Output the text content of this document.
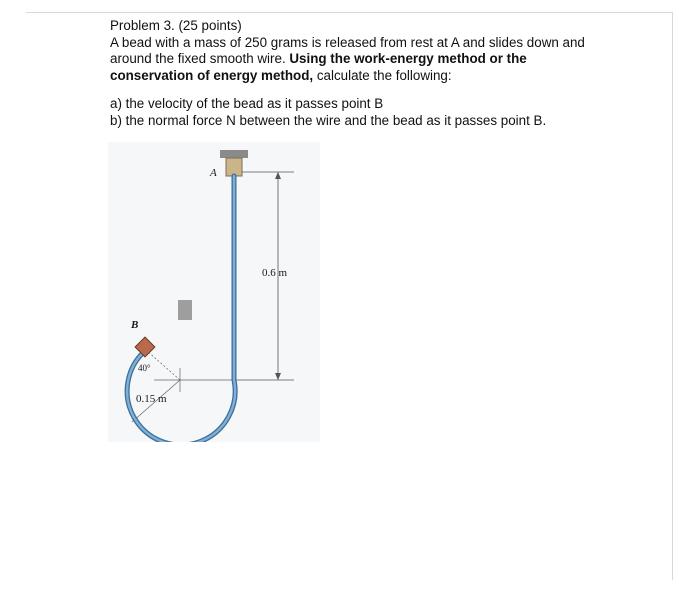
Problem 3. (25 points)

A bead with a mass of 250 grams is released from rest at A and slides down and around the fixed smooth wire. Using the work-energy method or the
conservation of energy method, calculate the following:

a) the velocity of the bead as it passes point B

b) the normal force N between the wire and the bead as it passes point B.

A
B
0.6 m
40°
0.15 m
